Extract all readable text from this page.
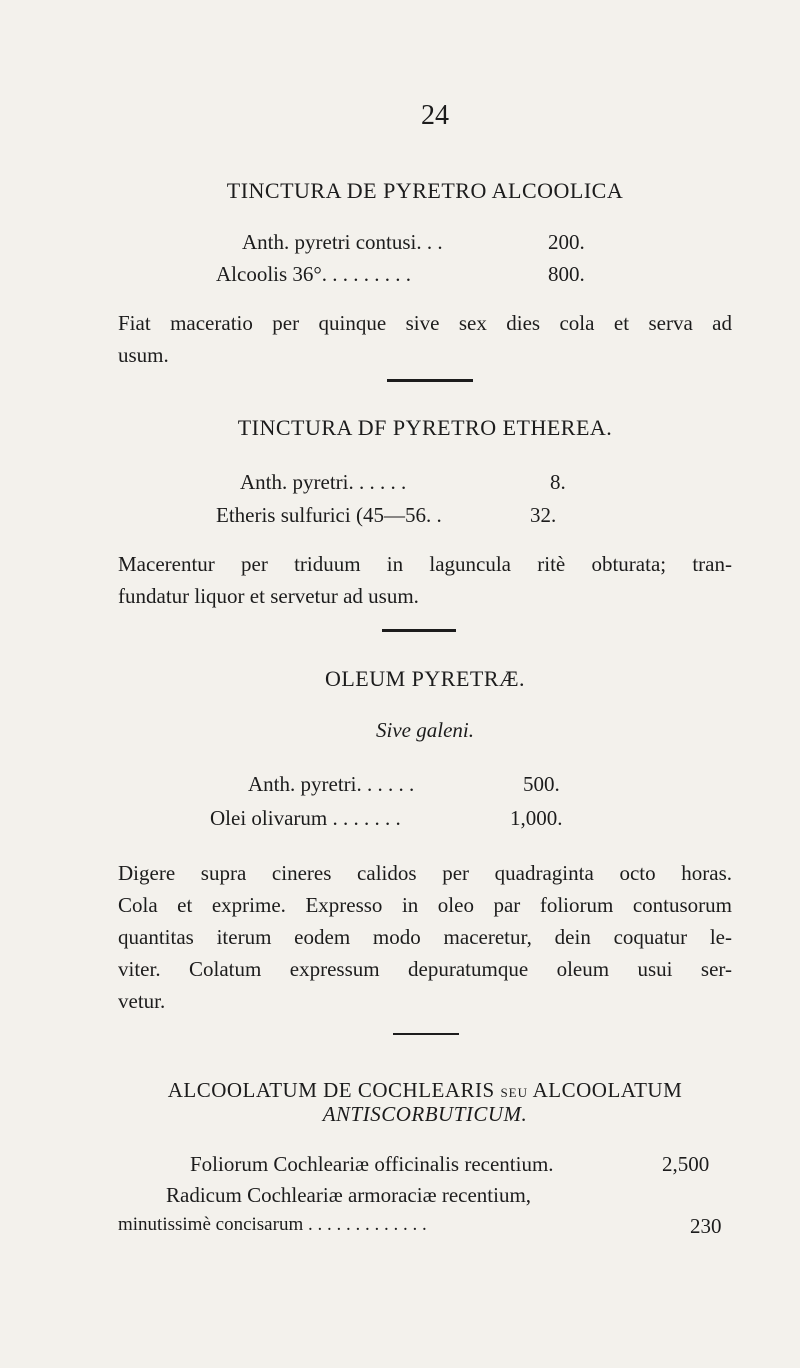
24
TINCTURA DE PYRETRO ALCOOLICA
Anth. pyretri contusi. . .	200.
Alcoolis 36°. . . . . . . . .	800.
Fiat maceratio per quinque sive sex dies cola et serva ad
usum.
TINCTURA DF PYRETRO ETHEREA.
Anth. pyretri. . . . . .	8.
Etheris sulfurici (45—56. .	32.
Macerentur per triduum in laguncula ritè obturata; tran-
fundatur liquor et servetur ad usum.
OLEUM PYRETRÆ.
Sive galeni.
Anth. pyretri. . . . . .	500.
Olei olivarum . . . . . . .	1,000.
Digere supra cineres calidos per quadraginta octo horas.
Cola et exprime. Expresso in oleo par foliorum contusorum
quantitas iterum eodem modo maceretur, dein coquatur le-
viter. Colatum expressum depuratumque oleum usui ser-
vetur.
ALCOOLATUM DE COCHLEARIS SEU ALCOOLATUM
ANTISCORBUTICUM.
Foliorum Cochleariæ officinalis recentium.	2,500
Radicum Cochleariæ armoraciæ recentium,
minutissimè concisarum . . . . . . . . . . . . .	230
